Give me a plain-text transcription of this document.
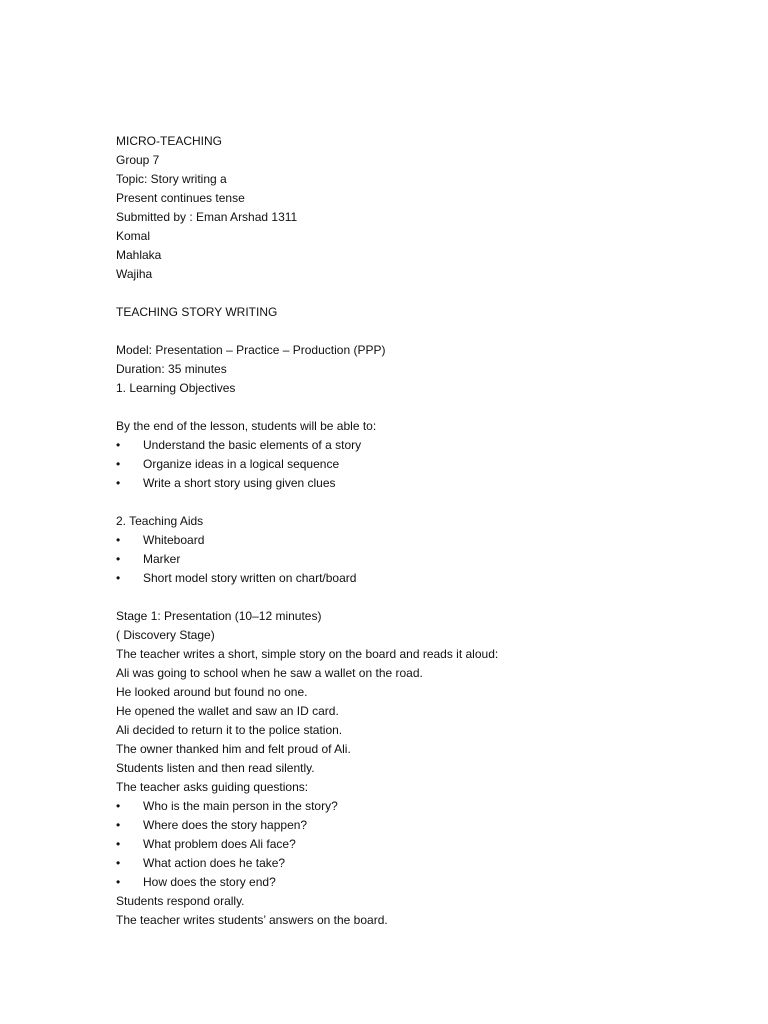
MICRO-TEACHING
Group 7
Topic: Story writing a
Present continues tense
Submitted by : Eman Arshad 1311
Komal
Mahlaka
Wajiha
TEACHING STORY WRITING
Model: Presentation – Practice – Production (PPP)
Duration: 35 minutes
1. Learning Objectives
By the end of the lesson, students will be able to:
•	Understand the basic elements of a story
•	Organize ideas in a logical sequence
•	Write a short story using given clues
2. Teaching Aids
•	Whiteboard
•	Marker
•	Short model story written on chart/board
Stage 1: Presentation (10–12 minutes)
( Discovery Stage)
The teacher writes a short, simple story on the board and reads it aloud:
Ali was going to school when he saw a wallet on the road.
He looked around but found no one.
He opened the wallet and saw an ID card.
Ali decided to return it to the police station.
The owner thanked him and felt proud of Ali.
Students listen and then read silently.
The teacher asks guiding questions:
•	Who is the main person in the story?
•	Where does the story happen?
•	What problem does Ali face?
•	What action does he take?
•	How does the story end?
Students respond orally.
The teacher writes students’ answers on the board.
